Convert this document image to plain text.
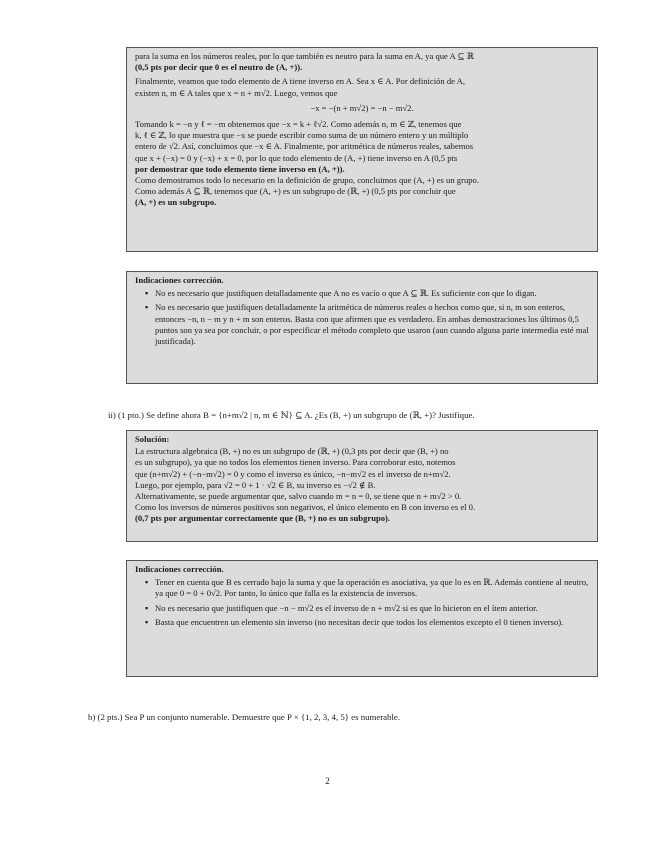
para la suma en los números reales, por lo que también es neutro para la suma en A, ya que A ⊆ ℝ

(0,5 pts por decir que 0 es el neutro de (A, +)).

Finalmente, veamos que todo elemento de A tiene inverso en A. Sea x ∈ A. Por definición de A,

existen n, m ∈ A tales que x = n + m√2. Luego, vemos que

−x = −(n + m√2) = −n − m√2.

Tomando k = −n y ℓ = −m obtenemos que −x = k + ℓ√2. Como además n, m ∈ ℤ, tenemos que

k, ℓ ∈ ℤ, lo que muestra que −x se puede escribir como suma de un número entero y un múltiplo

entero de √2. Así, concluimos que −x ∈ A. Finalmente, por aritmética de números reales, sabemos

que x + (−x) = 0 y (−x) + x = 0, por lo que todo elemento de (A, +) tiene inverso en A (0,5 pts

por demostrar que todo elemento tiene inverso en (A, +)).

Como demostramos todo lo necesario en la definición de grupo, concluimos que (A, +) es un grupo.

Como además A ⊆ ℝ, tenemos que (A, +) es un subgrupo de (ℝ, +) (0,5 pts por concluir que

(A, +) es un subgrupo.

Indicaciones corrección.

▪ No es necesario que justifiquen detalladamente que A no es vacío o que A ⊆ ℝ. Es suficiente con que lo digan.
▪ No es necesario que justifiquen detalladamente la aritmética de números reales o hechos como que, si n, m son enteros, entonces −n, n − m y n + m son enteros. Basta con que afirmen que es verdadero. En ambas demostraciones los últimos 0,5 puntos son ya sea por concluir, o por especificar el método completo que usaron (aun cuando alguna parte intermedia esté mal justificada).
ii) (1 pto.) Se define ahora B = {n+m√2 | n, m ∈ ℕ} ⊆ A. ¿Es (B, +) un subgrupo de (ℝ, +)? Justifique.

Solución:

La estructura algebraica (B, +) no es un subgrupo de (ℝ, +) (0,3 pts por decir que (B, +) no

es un subgrupo), ya que no todos los elementos tienen inverso. Para corroborar esto, notemos

que (n+m√2) + (−n−m√2) = 0 y como el inverso es único, −n−m√2 es el inverso de n+m√2.

Luego, por ejemplo, para √2 = 0 + 1 · √2 ∈ B, su inverso es −√2 ∉ B.

Alternativamente, se puede argumentar que, salvo cuando m = n = 0, se tiene que n + m√2 > 0.

Como los inversos de números positivos son negativos, el único elemento en B con inverso es el 0.

(0,7 pts por argumentar correctamente que (B, +) no es un subgrupo).

Indicaciones corrección.

▪ Tener en cuenta que B es cerrado bajo la suma y que la operación es asociativa, ya que lo es en ℝ. Además contiene al neutro, ya que 0 = 0 + 0√2. Por tanto, lo único que falla es la existencia de inversos.
▪ No es necesario que justifiquen que −n − m√2 es el inverso de n + m√2 si es que lo hicieron en el ítem anterior.
▪ Basta que encuentren un elemento sin inverso (no necesitan decir que todos los elementos excepto el 0 tienen inverso).
b) (2 pts.) Sea P un conjunto numerable. Demuestre que P × {1, 2, 3, 4, 5} es numerable.
2
